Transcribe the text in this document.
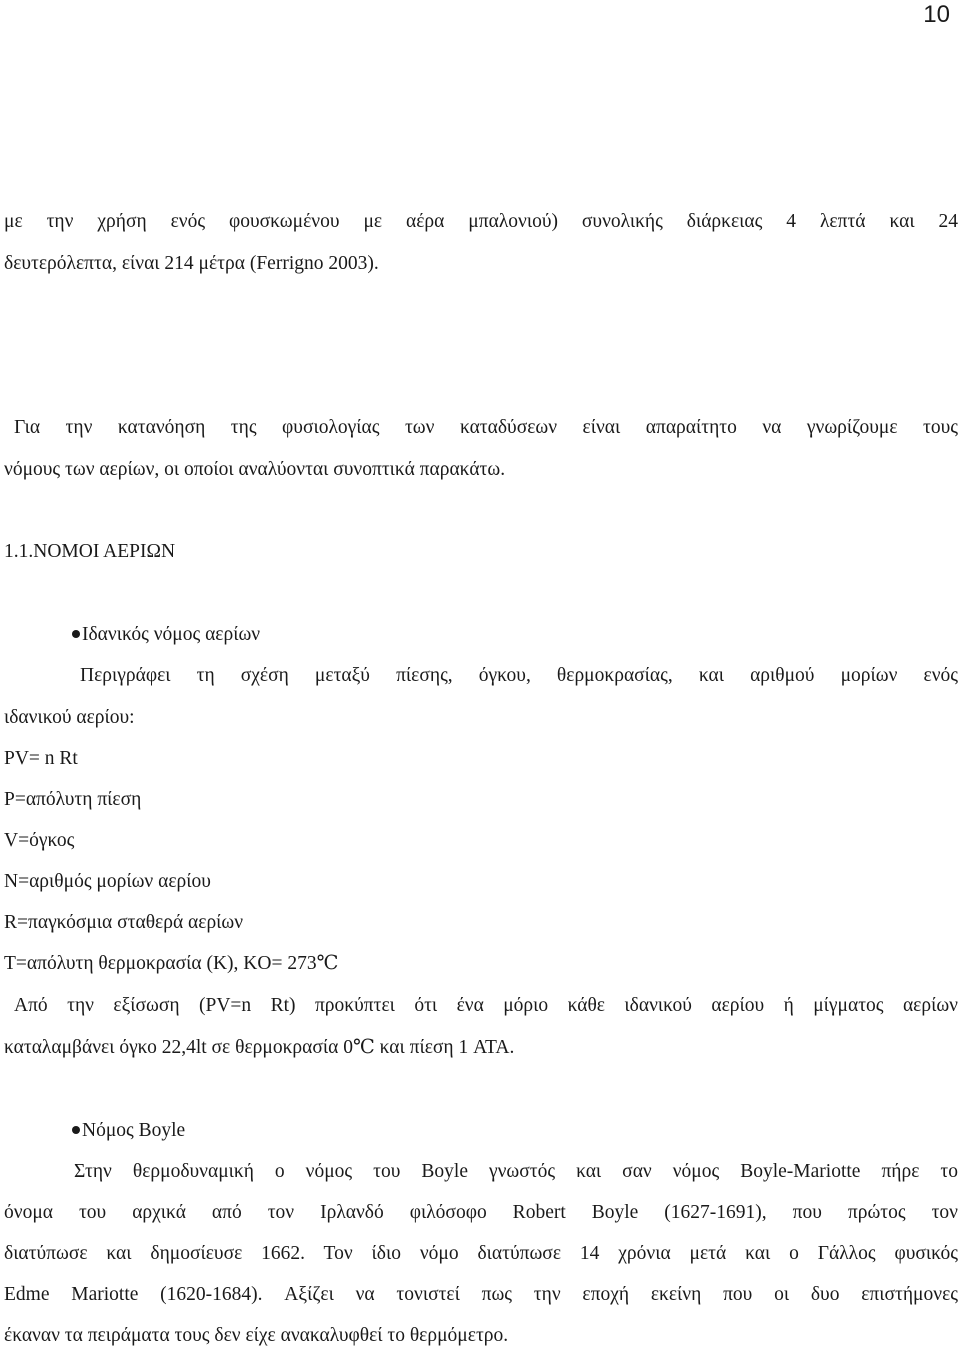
10
με την χρήση ενός φουσκωμένου με αέρα μπαλονιού) συνολικής διάρκειας 4 λεπτά και 24
δευτερόλεπτα, είναι 214 μέτρα (Ferrigno 2003).
Για την κατανόηση της φυσιολογίας των καταδύσεων είναι απαραίτητο να γνωρίζουμε τους
νόμους των αερίων, οι οποίοι αναλύονται συνοπτικά παρακάτω.
1.1.ΝΟΜΟΙ ΑΕΡΙΩΝ
Ιδανικός νόμος αερίων
Περιγράφει τη σχέση μεταξύ πίεσης, όγκου, θερμοκρασίας, και αριθμού μορίων ενός
ιδανικού αερίου:
PV= n Rt
P=απόλυτη πίεση
V=όγκος
N=αριθμός μορίων αερίου
R=παγκόσμια σταθερά αερίων
T=απόλυτη θερμοκρασία (K), KO= 273℃
Από την εξίσωση (PV=n Rt) προκύπτει ότι ένα μόριο κάθε ιδανικού αερίου ή μίγματος αερίων
καταλαμβάνει όγκο 22,4lt σε θερμοκρασία 0℃ και πίεση 1 ATA.
Νόμος Boyle
Στην θερμοδυναμική ο νόμος του Boyle γνωστός και σαν νόμος Boyle-Mariotte πήρε το
όνομα του αρχικά από τον Ιρλανδό φιλόσοφο Robert Boyle (1627-1691), που πρώτος τον
διατύπωσε και δημοσίευσε 1662. Τον ίδιο νόμο διατύπωσε 14 χρόνια μετά και ο Γάλλος φυσικός
Edme Mariotte (1620-1684). Αξίζει να τονιστεί πως την εποχή εκείνη που οι δυο επιστήμονες
έκαναν τα πειράματα τους δεν είχε ανακαλυφθεί το θερμόμετρο.
